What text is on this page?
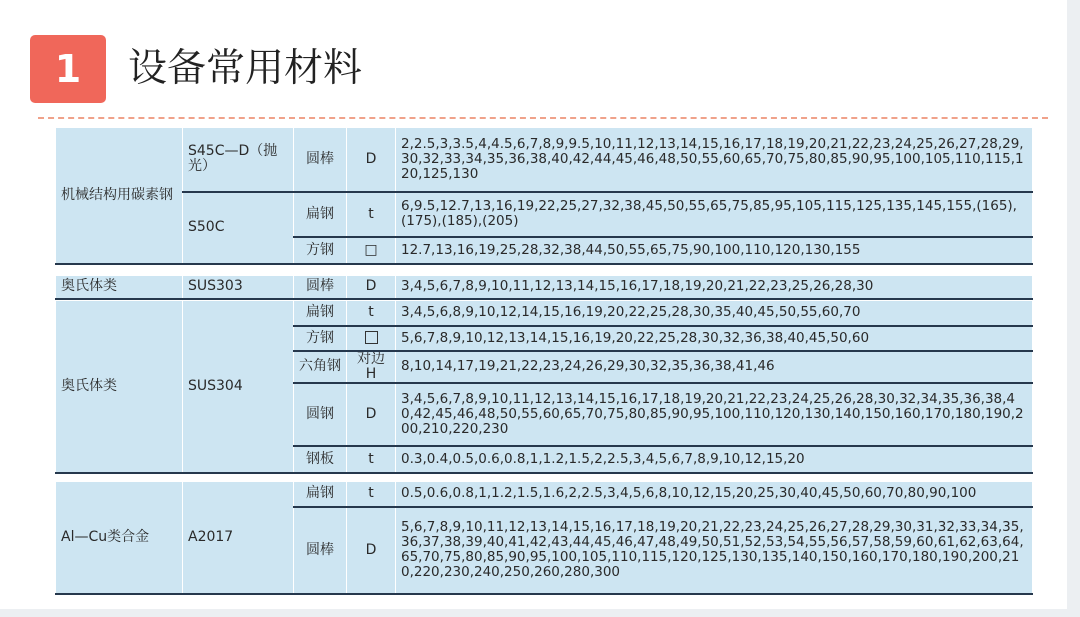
1	设备常用材料
机械结构用碳素钢	S45C—D（抛光）	圆棒	D	2,2.5,3,3.5,4,4.5,6,7,8,9,9.5,10,11,12,13,14,15,16,17,18,19,20,21,22,23,24,25,26,27,28,29,30,32,33,34,35,36,38,40,42,44,45,46,48,50,55,60,65,70,75,80,85,90,95,100,105,110,115,120,125,130
	S50C	扁钢	t	6,9.5,12.7,13,16,19,22,25,27,32,38,45,50,55,65,75,85,95,105,115,125,135,145,155,(165),(175),(185),(205)
		方钢	□	12.7,13,16,19,25,28,32,38,44,50,55,65,75,90,100,110,120,130,155
奥氏体类	SUS303	圆棒	D	3,4,5,6,7,8,9,10,11,12,13,14,15,16,17,18,19,20,21,22,23,25,26,28,30
奥氏体类	SUS304	扁钢	t	3,4,5,6,8,9,10,12,14,15,16,19,20,22,25,28,30,35,40,45,50,55,60,70
		方钢		5,6,7,8,9,10,12,13,14,15,16,19,20,22,25,28,30,32,36,38,40,45,50,60
		六角钢	对边H	8,10,14,17,19,21,22,23,24,26,29,30,32,35,36,38,41,46
		圆钢	D	3,4,5,6,7,8,9,10,11,12,13,14,15,16,17,18,19,20,21,22,23,24,25,26,28,30,32,34,35,36,38,40,42,45,46,48,50,55,60,65,70,75,80,85,90,95,100,110,120,130,140,150,160,170,180,190,200,210,220,230
		钢板	t	0.3,0.4,0.5,0.6,0.8,1,1.2,1.5,2,2.5,3,4,5,6,7,8,9,10,12,15,20
Al—Cu类合金	A2017	扁钢	t	0.5,0.6,0.8,1,1.2,1.5,1.6,2,2.5,3,4,5,6,8,10,12,15,20,25,30,40,45,50,60,70,80,90,100
		圆棒	D	5,6,7,8,9,10,11,12,13,14,15,16,17,18,19,20,21,22,23,24,25,26,27,28,29,30,31,32,33,34,35,36,37,38,39,40,41,42,43,44,45,46,47,48,49,50,51,52,53,54,55,56,57,58,59,60,61,62,63,64,65,70,75,80,85,90,95,100,105,110,115,120,125,130,135,140,150,160,170,180,190,200,210,220,230,240,250,260,280,300
